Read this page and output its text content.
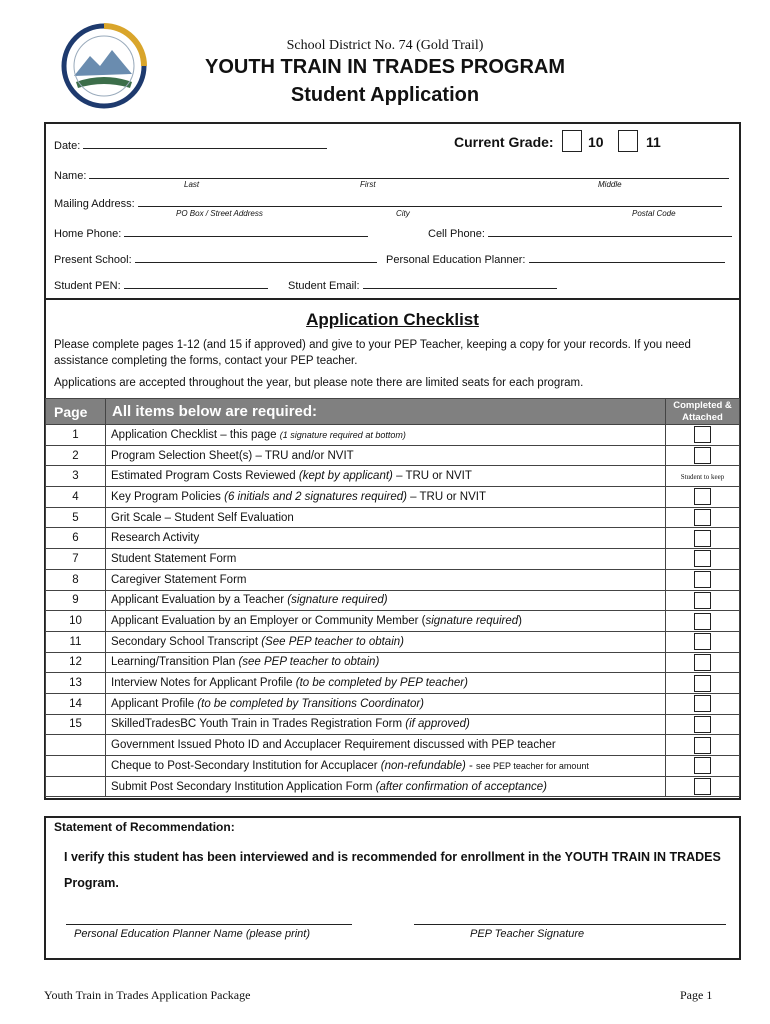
School District No. 74 (Gold Trail)
YOUTH TRAIN IN TRADES PROGRAM
Student Application
Date:	Current Grade: 10	11
Name:
Last	First	Middle
Mailing Address:
PO Box / Street Address	City	Postal Code
Home Phone:	Cell Phone:
Present School:	Personal Education Planner:
Student PEN:	Student Email:
Application Checklist
Please complete pages 1-12 (and 15 if approved) and give to your PEP Teacher, keeping a copy for your records. If you need assistance completing the forms, contact your PEP teacher.
Applications are accepted throughout the year, but please note there are limited seats for each program.
Page	All items below are required:	Completed & Attached
1	Application Checklist – this page (1 signature required at bottom)	
2	Program Selection Sheet(s) – TRU and/or NVIT	
3	Estimated Program Costs Reviewed (kept by applicant) – TRU or NVIT	Student to keep
4	Key Program Policies (6 initials and 2 signatures required) – TRU or NVIT	
5	Grit Scale – Student Self Evaluation	
6	Research Activity	
7	Student Statement Form	
8	Caregiver Statement Form	
9	Applicant Evaluation by a Teacher (signature required)	
10	Applicant Evaluation by an Employer or Community Member (signature required)	
11	Secondary School Transcript (See PEP teacher to obtain)	
12	Learning/Transition Plan (see PEP teacher to obtain)	
13	Interview Notes for Applicant Profile (to be completed by PEP teacher)	
14	Applicant Profile (to be completed by Transitions Coordinator)	
15	SkilledTradesBC Youth Train in Trades Registration Form (if approved)	
	Government Issued Photo ID and Accuplacer Requirement discussed with PEP teacher	
	Cheque to Post-Secondary Institution for Accuplacer (non-refundable) - see PEP teacher for amount	
	Submit Post Secondary Institution Application Form (after confirmation of acceptance)	
Statement of Recommendation:
I verify this student has been interviewed and is recommended for enrollment in the YOUTH TRAIN IN TRADES Program.
Personal Education Planner Name (please print)	PEP Teacher Signature
Youth Train in Trades Application Package	Page 1
